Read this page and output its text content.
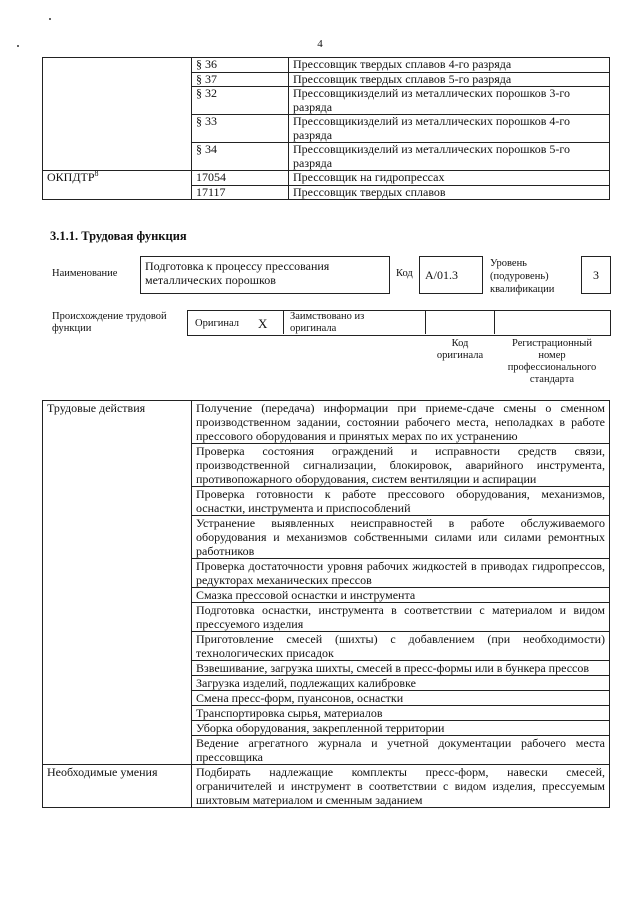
4
	§ 36	Прессовщик твердых сплавов 4-го разряда
	§ 37	Прессовщик твердых сплавов 5-го разряда
	§ 32	Прессовщикизделий из металлических порошков 3-го разряда
	§ 33	Прессовщикизделий из металлических порошков 4-го разряда
	§ 34	Прессовщикизделий из металлических порошков 5-го разряда
ОКПДТР$^8$	17054	Прессовщик на гидропрессах
	17117	Прессовщик твердых сплавов
3.1.1. Трудовая функция
Наименование
Подготовка к процессу прессования металлических порошков	Код	А/01.3
Уровень (подуровень) квалификации
3
Происхождение трудовой функции	Оригинал X Заимствовано из оригинала
Код оригинала
Регистрационный номер профессионального стандарта
Трудовые действия	Получение (передача) информации при приеме-сдаче смены о сменном производственном задании, состоянии рабочего места, неполадках в работе прессового оборудования и принятых мерах по их устранению
	Проверка состояния ограждений и исправности средств связи, производственной сигнализации, блокировок, аварийного инструмента, противопожарного оборудования, систем вентиляции и аспирации
	Проверка готовности к работе прессового оборудования, механизмов, оснастки, инструмента и приспособлений
	Устранение выявленных неисправностей в работе обслуживаемого оборудования и механизмов собственными силами или силами ремонтных работников
	Проверка достаточности уровня рабочих жидкостей в приводах гидропрессов, редукторах механических прессов
	Смазка прессовой оснастки и инструмента
	Подготовка оснастки, инструмента в соответствии с материалом и видом прессуемого изделия
	Приготовление смесей (шихты) с добавлением (при необходимости) технологических присадок
	Взвешивание, загрузка шихты, смесей в пресс-формы или в бункера прессов
	Загрузка изделий, подлежащих калибровке
	Смена пресс-форм, пуансонов, оснастки
	Транспортировка сырья, материалов
	Уборка оборудования, закрепленной территории
	Ведение агрегатного журнала и учетной документации рабочего места прессовщика
Необходимые умения	Подбирать надлежащие комплекты пресс-форм, навески смесей, ограничителей и инструмент в соответствии с видом изделия, прессуемым шихтовым материалом и сменным заданием
